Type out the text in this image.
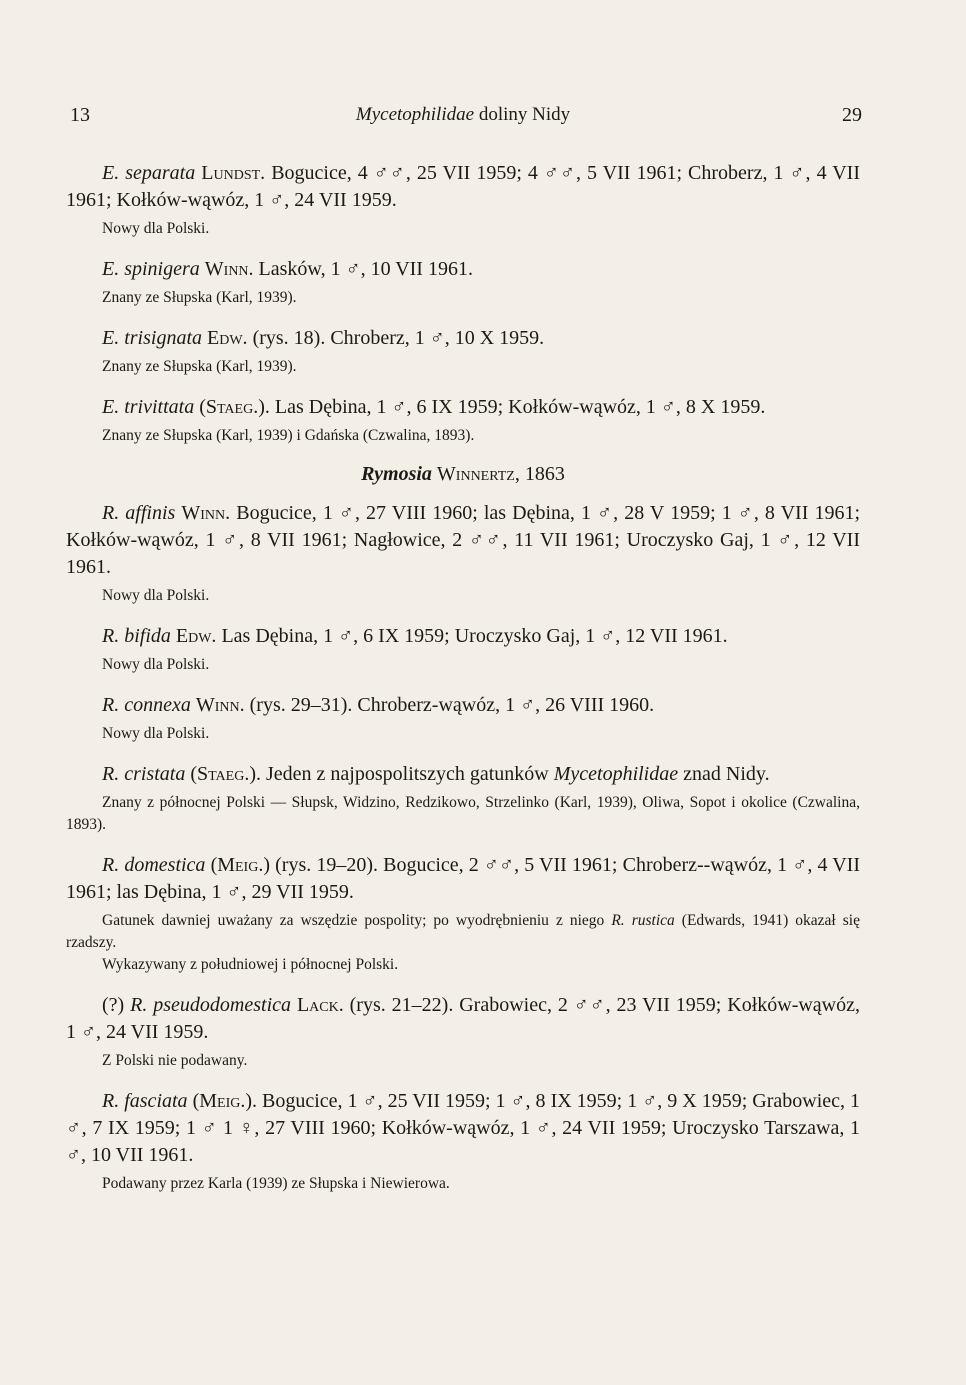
13	Mycetophilidae doliny Nidy	29

E. separata Lundst. Bogucice, 4 ♂♂, 25 VII 1959; 4 ♂♂, 5 VII 1961; Chroberz, 1 ♂, 4 VII 1961; Kołków-wąwóz, 1 ♂, 24 VII 1959.

Nowy dla Polski.

E. spinigera Winn. Lasków, 1 ♂, 10 VII 1961.

Znany ze Słupska (Karl, 1939).

E. trisignata Edw. (rys. 18). Chroberz, 1 ♂, 10 X 1959.

Znany ze Słupska (Karl, 1939).

E. trivittata (Staeg.). Las Dębina, 1 ♂, 6 IX 1959; Kołków-wąwóz, 1 ♂, 8 X 1959.

Znany ze Słupska (Karl, 1939) i Gdańska (Czwalina, 1893).

Rymosia Winnertz, 1863

R. affinis Winn. Bogucice, 1 ♂, 27 VIII 1960; las Dębina, 1 ♂, 28 V 1959; 1 ♂, 8 VII 1961; Kołków-wąwóz, 1 ♂, 8 VII 1961; Nagłowice, 2 ♂♂, 11 VII 1961; Uroczysko Gaj, 1 ♂, 12 VII 1961.

Nowy dla Polski.

R. bifida Edw. Las Dębina, 1 ♂, 6 IX 1959; Uroczysko Gaj, 1 ♂, 12 VII 1961.

Nowy dla Polski.

R. connexa Winn. (rys. 29–31). Chroberz-wąwóz, 1 ♂, 26 VIII 1960.

Nowy dla Polski.

R. cristata (Staeg.). Jeden z najpospolitszych gatunków Mycetophilidae znad Nidy.

Znany z północnej Polski — Słupsk, Widzino, Redzikowo, Strzelinko (Karl, 1939), Oliwa, Sopot i okolice (Czwalina, 1893).

R. domestica (Meig.) (rys. 19–20). Bogucice, 2 ♂♂, 5 VII 1961; Chroberz--wąwóz, 1 ♂, 4 VII 1961; las Dębina, 1 ♂, 29 VII 1959.

Gatunek dawniej uważany za wszędzie pospolity; po wyodrębnieniu z niego R. rustica (Edwards, 1941) okazał się rzadszy.

Wykazywany z południowej i północnej Polski.

(?) R. pseudodomestica Lack. (rys. 21–22). Grabowiec, 2 ♂♂, 23 VII 1959; Kołków-wąwóz, 1 ♂, 24 VII 1959.

Z Polski nie podawany.

R. fasciata (Meig.). Bogucice, 1 ♂, 25 VII 1959; 1 ♂, 8 IX 1959; 1 ♂, 9 X 1959; Grabowiec, 1 ♂, 7 IX 1959; 1 ♂ 1 ♀, 27 VIII 1960; Kołków-wąwóz, 1 ♂, 24 VII 1959; Uroczysko Tarszawa, 1 ♂, 10 VII 1961.

Podawany przez Karla (1939) ze Słupska i Niewierowa.
